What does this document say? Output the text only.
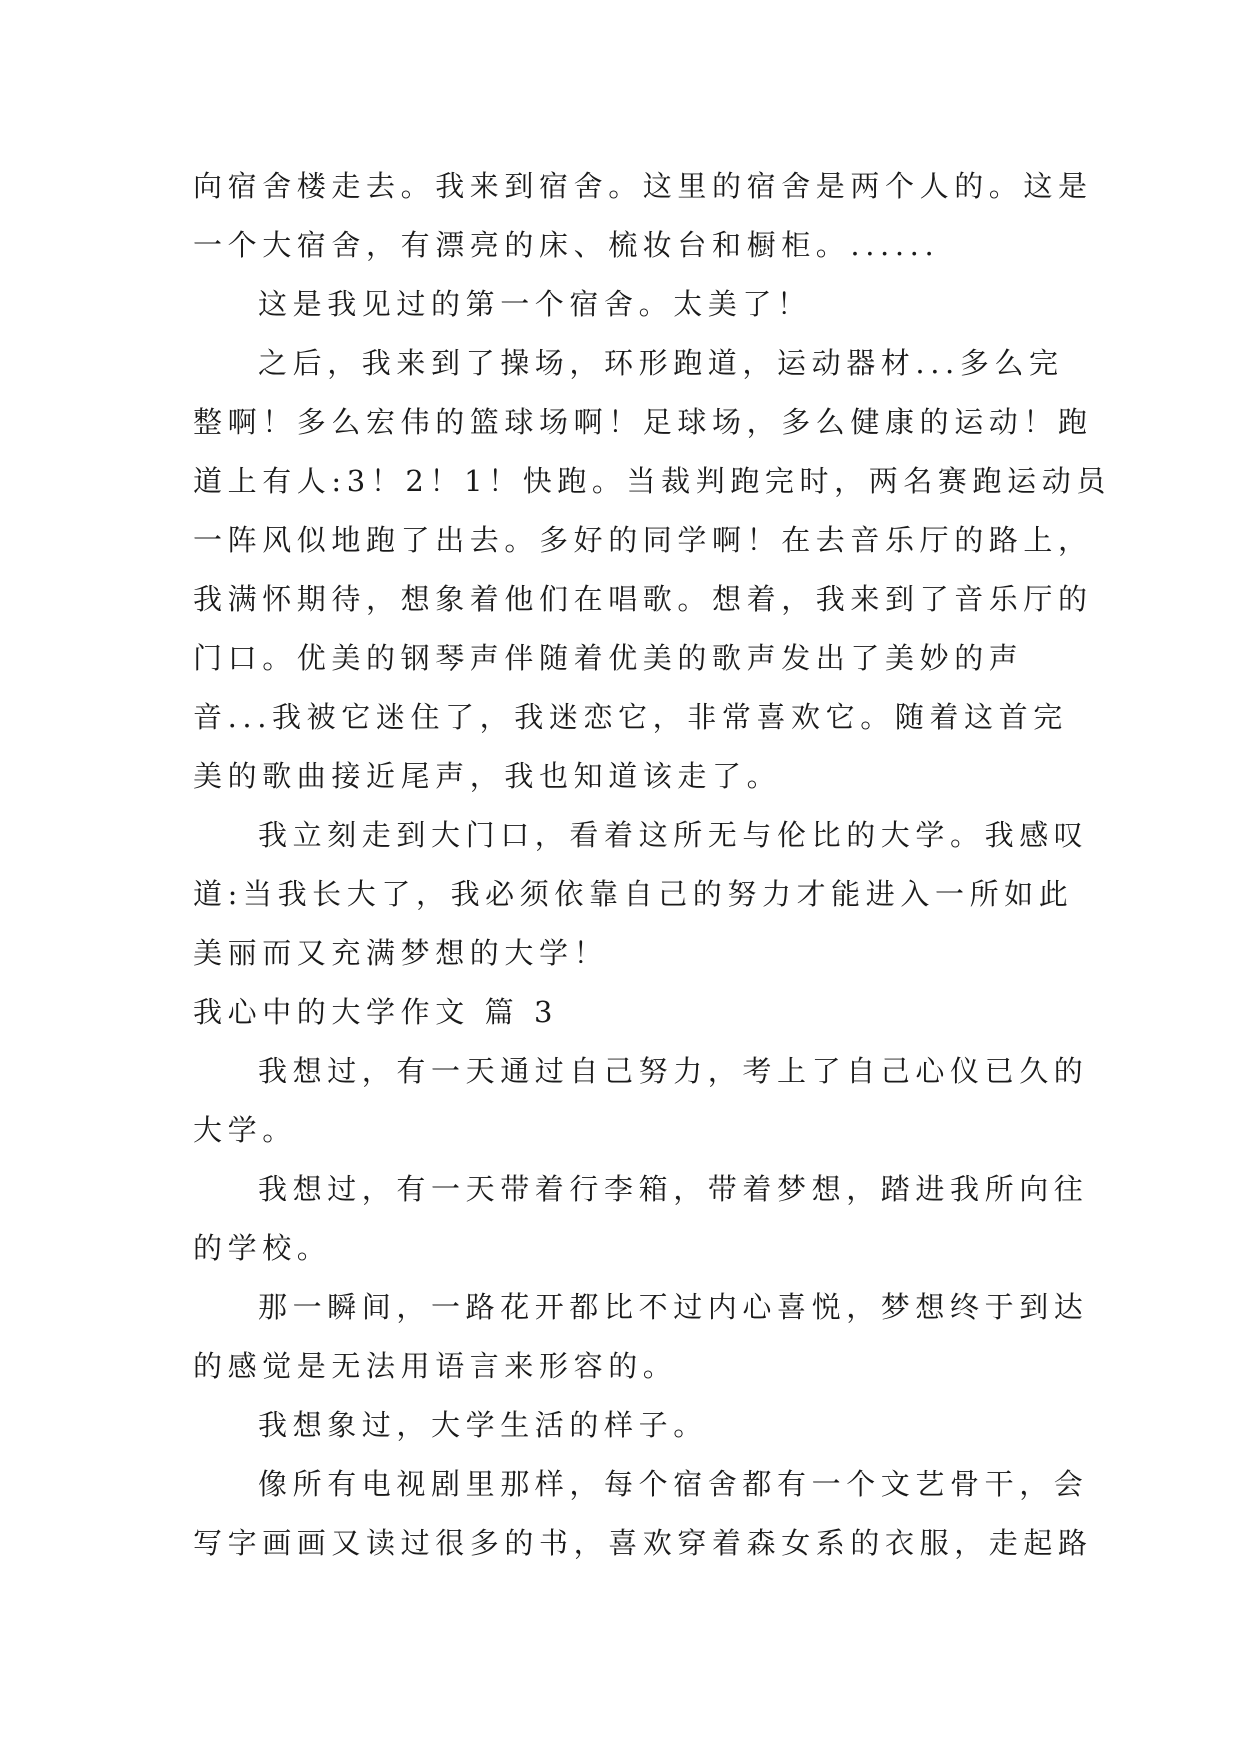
向宿舍楼走去。我来到宿舍。这里的宿舍是两个人的。这是
一个大宿舍，有漂亮的床、梳妆台和橱柜。......
这是我见过的第一个宿舍。太美了！
之后，我来到了操场，环形跑道，运动器材...多么完
整啊！多么宏伟的篮球场啊！足球场，多么健康的运动！跑
道上有人:3！2！1！快跑。当裁判跑完时，两名赛跑运动员
一阵风似地跑了出去。多好的同学啊！在去音乐厅的路上，
我满怀期待，想象着他们在唱歌。想着，我来到了音乐厅的
门口。优美的钢琴声伴随着优美的歌声发出了美妙的声
音...我被它迷住了，我迷恋它，非常喜欢它。随着这首完
美的歌曲接近尾声，我也知道该走了。
我立刻走到大门口，看着这所无与伦比的大学。我感叹
道:当我长大了，我必须依靠自己的努力才能进入一所如此
美丽而又充满梦想的大学！
我心中的大学作文 篇 3
我想过，有一天通过自己努力，考上了自己心仪已久的
大学。
我想过，有一天带着行李箱，带着梦想，踏进我所向往
的学校。
那一瞬间，一路花开都比不过内心喜悦，梦想终于到达
的感觉是无法用语言来形容的。
我想象过，大学生活的样子。
像所有电视剧里那样，每个宿舍都有一个文艺骨干，会
写字画画又读过很多的书，喜欢穿着森女系的衣服，走起路
